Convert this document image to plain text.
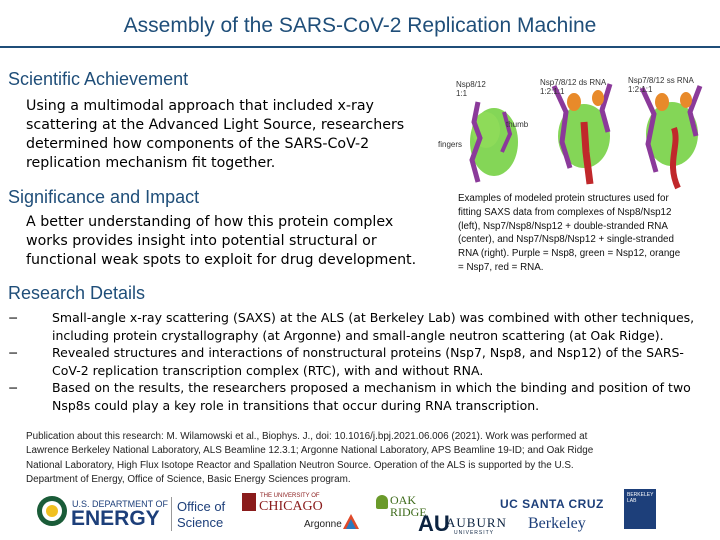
Assembly of the SARS-CoV-2 Replication Machine
Scientific Achievement
Using a multimodal approach that included x-ray
scattering at the Advanced Light Source, researchers
determined how components of the SARS-CoV-2
replication mechanism fit together.
Significance and Impact
A better understanding of how this protein complex
works provides insight into potential structural or
functional weak spots to exploit for drug development.
Research Details
Nsp8/12
1:1
Nsp7/8/12 ds RNA
1:2:1:1
Nsp7/8/12 ss RNA
1:2:1:1
thumb
fingers
Examples of modeled protein structures used for
fitting SAXS data from complexes of Nsp8/Nsp12
(left), Nsp7/Nsp8/Nsp12 + double-stranded RNA
(center), and Nsp7/Nsp8/Nsp12 + single-stranded
RNA (right). Purple = Nsp8, green = Nsp12, orange
= Nsp7, red = RNA.
−	Small-angle x-ray scattering (SAXS) at the ALS (at Berkeley Lab) was combined with other techniques,
including protein crystallography (at Argonne) and small-angle neutron scattering (at Oak Ridge).
−	Revealed structures and interactions of nonstructural proteins (Nsp7, Nsp8, and Nsp12) of the SARS-
CoV-2 replication transcription complex (RTC), with and without RNA.
−	Based on the results, the researchers proposed a mechanism in which the binding and position of two
Nsp8s could play a key role in transitions that occur during RNA transcription.
Publication about this research: M. Wilamowski et al., Biophys. J., doi: 10.1016/j.bpj.2021.06.006 (2021). Work was performed at
Lawrence Berkeley National Laboratory, ALS Beamline 12.3.1; Argonne National Laboratory, APS Beamline 19-ID; and Oak Ridge
National Laboratory, High Flux Isotope Reactor and Spallation Neutron Source. Operation of the ALS is supported by the U.S.
Department of Energy, Office of Science, Basic Energy Sciences program.
U.S. DEPARTMENT OF
ENERGY
Office of
Science
THE UNIVERSITY OF
CHICAGO
Argonne
OAK
RIDGE
AU
AUBURN
UNIVERSITY
UC SANTA CRUZ
Berkeley
BERKELEY LAB
